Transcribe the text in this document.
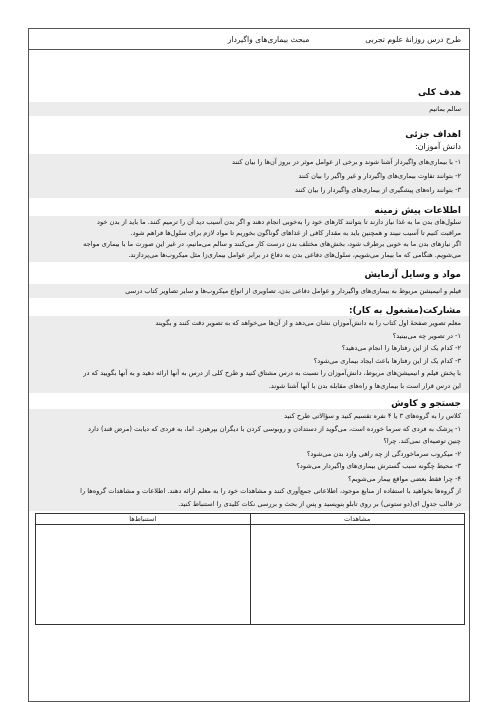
طرح درس روزانهٔ علوم تجربی
مبحث بیماری‌های واگیردار
هدف کلی
سالم بمانیم
اهداف جزئی
دانش آموزان:
۱- با بیماری‌های واگیردار آشنا شوند و برخی از عوامل موثر در بروز آن‌ها را بیان کنند
۲- بتوانند تفاوت بیماری‌های واگیردار و غیر واگیر را بیان کنند
۳- بتوانند راه‌های پیشگیری از بیماری‌های واگیردار را بیان کنند
اطلاعات پیش زمینه
سلول‌های بدن ما به غذا نیاز دارند تا بتوانند کارهای خود را به‌خوبی انجام دهند و اگر بدن آسیب دید آن را ترمیم کنند. ما باید از بدن خود
مراقبت کنیم تا آسیب نبیند و همچنین باید به مقدار کافی از غذاهای گوناگون بخوریم تا مواد لازم برای سلول‌ها فراهم شود.
اگر نیازهای بدن ما به خوبی برطرف شود، بخش‌های مختلف بدن درست کار می‌کنند و سالم می‌مانیم، در غیر این صورت ما با بیماری مواجه
می‌شویم. هنگامی که ما بیمار می‌شویم، سلول‌های دفاعی بدن به دفاع در برابر عوامل بیماری‌زا مثل میکروب‌ها می‌پردازند.
مواد و وسایل آزمایش
فیلم و انیمیشن مربوط به بیماری‌های واگیردار و عوامل دفاعی بدن، تصاویری از انواع میکروب‌ها و سایر تصاویر کتاب درسی
مشارکت(مشغول به کار):
معلم تصویر صفحهٔ اول کتاب را به دانش‌آموزان نشان می‌دهد و از آن‌ها می‌خواهد که به تصویر دقت کنند و بگویند
۱- در تصویر چه می‌بینید؟
۲- کدام یک از این رفتارها را انجام می‌دهید؟
۳- کدام یک از این رفتارها باعث ایجاد بیماری می‌شود؟
با پخش فیلم و انیمیشن‌های مربوط، دانش‌آموزان را نسبت به درس مشتاق کنید و طرح کلی از درس به آنها ارائه دهید و به آنها بگویید که در
این درس قرار است با بیماری‌ها و راه‌های مقابله بدن با آنها آشنا شوند.
جستجو و کاوش
کلاس را به گروه‌های ۳ یا ۴ نفره تقسیم کنید و سؤالاتی طرح کنید
۱- پزشک به فردی که سرما خورده است، می‌گوید از دستدادن و روبوسی کردن با دیگران بپرهیزد. اما، به فردی که دیابت (مرض قند) دارد
چنین توصیه‌ای نمی‌کند. چرا؟
۲- میکروب سرماخوردگی از چه راهی وارد بدن می‌شود؟
۳- محیط چگونه سبب گسترش بیماری‌های واگیردار می‌شود؟
۴- چرا فقط بعضی مواقع بیمار می‌شویم؟
از گروه‌ها بخواهید با استفاده از منابع موجود، اطلاعاتی جمع‌آوری کنند و مشاهدات خود را به معلم ارائه دهند. اطلاعات و مشاهدات گروه‌ها را
در قالب جدول ای(دو ستونی) بر روی تابلو بنویسید و پس از بحث و بررسی نکات کلیدی را استنباط کنید.
مشاهدات
استنباط‌ها
